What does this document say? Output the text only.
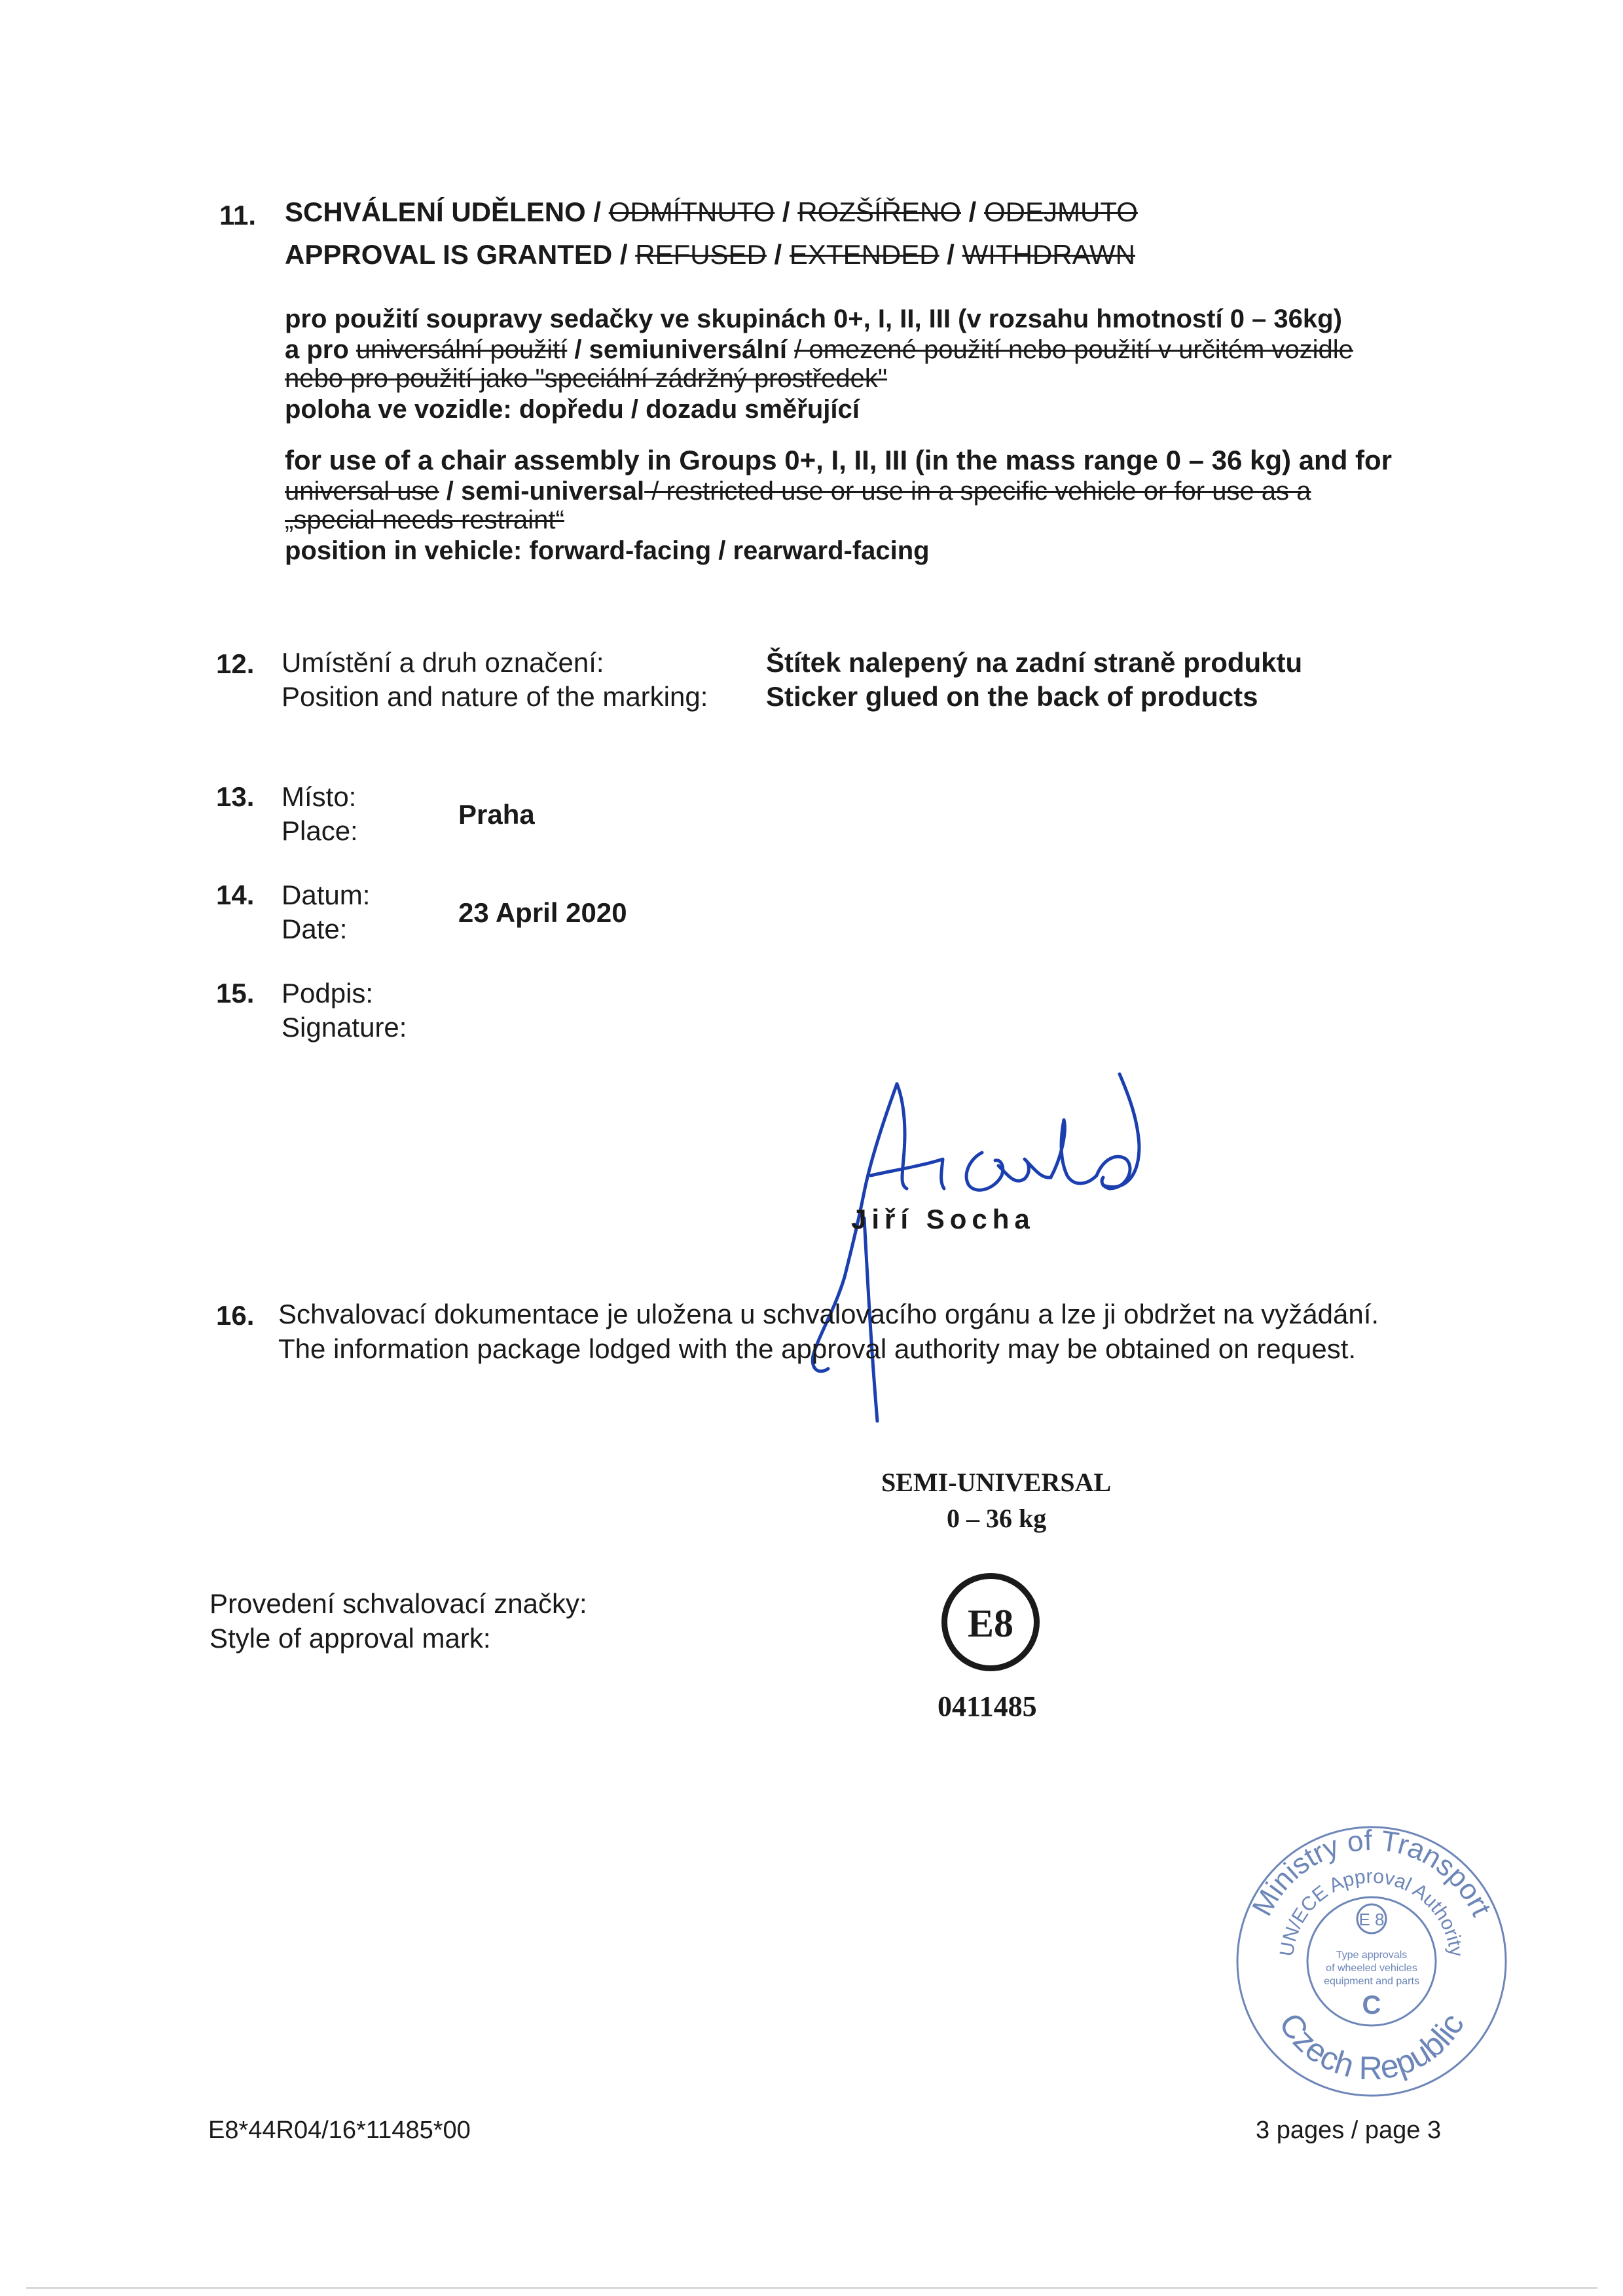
11. SCHVÁLENÍ UDĚLENO / ODMÍTNUTO / ROZŠÍŘENO / ODEJMUTO
APPROVAL IS GRANTED / REFUSED / EXTENDED / WITHDRAWN
pro použití soupravy sedačky ve skupinách 0+, I, II, III (v rozsahu hmotností 0 – 36kg)
a pro universální použití / semiuniversální / omezené použití nebo použití v určitém vozidle
nebo pro použití jako "speciální zádržný prostředek"
poloha ve vozidle: dopředu / dozadu směřující
for use of a chair assembly in Groups 0+, I, II, III (in the mass range 0 – 36 kg) and for
universal use / semi-universal / restricted use or use in a specific vehicle or for use as a
„special needs restraint“
position in vehicle: forward-facing / rearward-facing
12. Umístění a druh označení:
Position and nature of the marking:
Štítek nalepený na zadní straně produktu
Sticker glued on the back of products
13. Místo:
Place:
Praha
14. Datum:
Date:
23 April 2020
15. Podpis:
Signature:
Jiří Socha
16. Schvalovací dokumentace je uložena u schvalovacího orgánu a lze ji obdržet na vyžádání.
The information package lodged with the approval authority may be obtained on request.
SEMI-UNIVERSAL
0 – 36 kg
Provedení schvalovací značky:
Style of approval mark:	E8
0411485
Ministry of Transport
UN/ECE Approval Authority
E 8
Type approvals
of wheeled vehicles
equipment and parts
C
Czech Republic
E8*44R04/16*11485*00	3 pages / page 3
